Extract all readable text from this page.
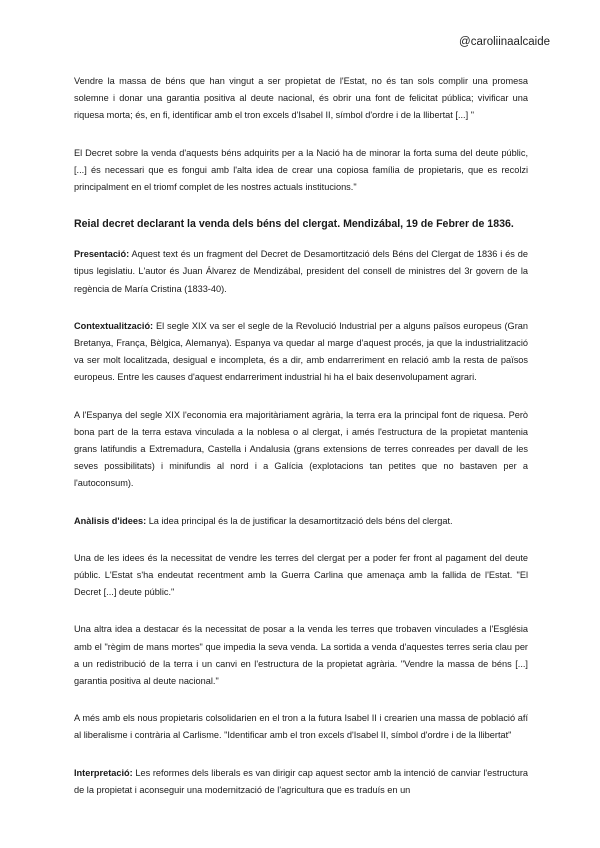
@caroliinaalcaide

Vendre la massa de béns que han vingut a ser propietat de l'Estat, no és tan sols complir una promesa solemne i donar una garantia positiva al deute nacional, és obrir una font de felicitat pública; vivificar una riquesa morta; és, en fi, identificar amb el tron excels d'Isabel II, símbol d'ordre i de la llibertat [...] "

El Decret sobre la venda d'aquests béns adquirits per a la Nació ha de minorar la forta suma del deute públic, [...] és necessari que es fongui amb l'alta idea de crear una copiosa família de propietaris, que es recolzi principalment en el triomf complet de les nostres actuals institucions."

Reial decret declarant la venda dels béns del clergat. Mendizábal, 19 de Febrer de 1836.

Presentació: Aquest text és un fragment del Decret de Desamortització dels Béns del Clergat de 1836 i és de tipus legislatiu. L'autor és Juan Álvarez de Mendizábal, president del consell de ministres del 3r govern de la regència de María Cristina (1833-40).

Contextualització: El segle XIX va ser el segle de la Revolució Industrial per a alguns països europeus (Gran Bretanya, França, Bèlgica, Alemanya). Espanya va quedar al marge d'aquest procés, ja que la industrialització va ser molt localitzada, desigual e incompleta, és a dir, amb endarreriment en relació amb la resta de països europeus. Entre les causes d'aquest endarreriment industrial hi ha el baix desenvolupament agrari.

A l'Espanya del segle XIX l'economia era majoritàriament agrària, la terra era la principal font de riquesa. Però bona part de la terra estava vinculada a la noblesa o al clergat, i amés l'estructura de la propietat mantenia grans latifundis a Extremadura, Castella i Andalusia (grans extensions de terres conreades per davall de les seves possibilitats) i minifundis al nord i a Galícia (explotacions tan petites que no bastaven per a l'autoconsum).

Anàlisis d'idees: La idea principal és la de justificar la desamortització dels béns del clergat.

Una de les idees és la necessitat de vendre les terres del clergat per a poder fer front al pagament del deute públic. L'Estat s'ha endeutat recentment amb la Guerra Carlina que amenaça amb la fallida de l'Estat. "El Decret [...] deute públic."

Una altra idea a destacar és la necessitat de posar a la venda les terres que trobaven vinculades a l'Església amb el "règim de mans mortes" que impedia la seva venda. La sortida a venda d'aquestes terres seria clau per a un redistribució de la terra i un canvi en l'estructura de la propietat agrària. "Vendre la massa de béns [...] garantia positiva al deute nacional."

A més amb els nous propietaris colsolidarien en el tron a la futura Isabel II i crearien una massa de població afí al liberalisme i contrària al Carlisme. "Identificar amb el tron excels d'Isabel II, símbol d'ordre i de la llibertat"

Interpretació: Les reformes dels liberals es van dirigir cap aquest sector amb la intenció de canviar l'estructura de la propietat i aconseguir una modernització de l'agricultura que es traduís en un
